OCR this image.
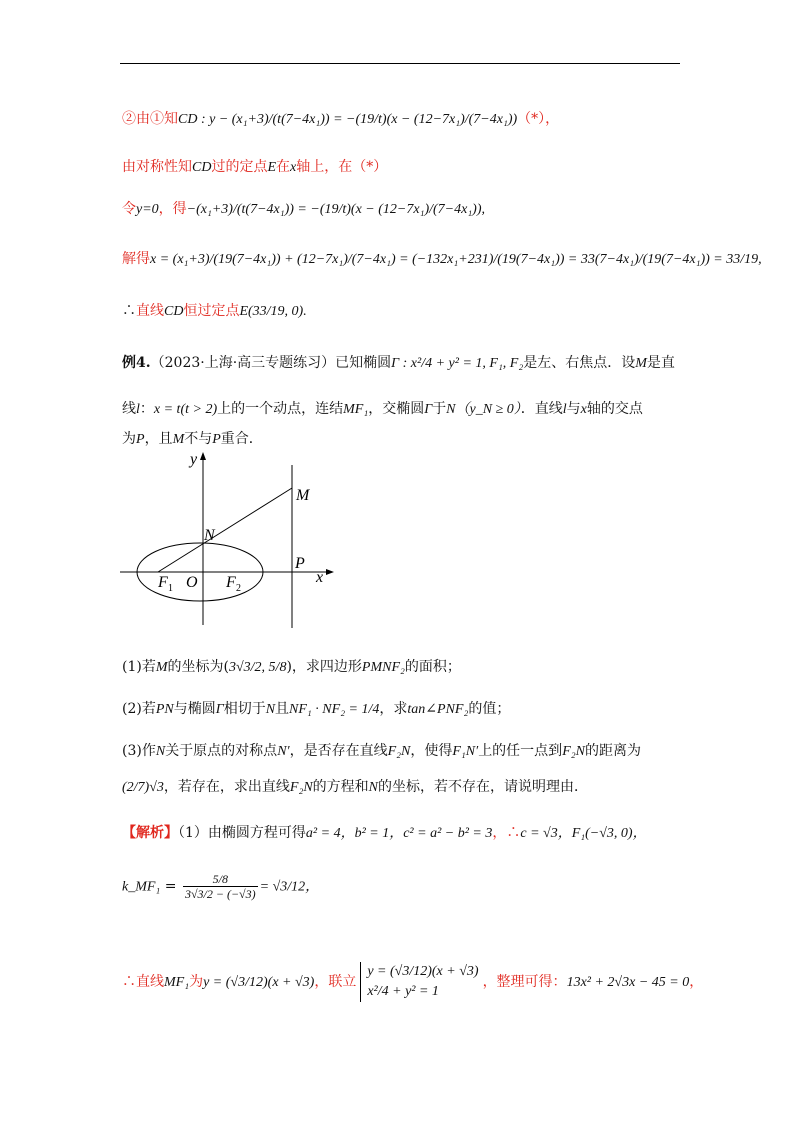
②由①知CD : y − (x₁+3)/(t(7−4x₁)) = −(19/t)(x − (12−7x₁)/(7−4x₁))（*），
由对称性知CD过的定点E在x轴上，在（*）
令y=0，得−(x₁+3)/(t(7−4x₁)) = −(19/t)(x − (12−7x₁)/(7−4x₁)),
解得x = (x₁+3)/(19(7−4x₁)) + (12−7x₁)/(7−4x₁) = (−132x₁+231)/(19(7−4x₁)) = 33(7−4x₁)/(19(7−4x₁)) = 33/19,
∴直线CD恒过定点E(33/19, 0).
例4.（2023·上海·高三专题练习）已知椭圆Γ : x²/4 + y² = 1, F₁, F₂是左、右焦点．设M是直
线l：x = t(t > 2)上的一个动点，连结MF₁，交椭圆Γ于N（y_N ≥ 0）．直线l与x轴的交点
为P，且M不与P重合．
y
x
M
N
P
F 1 O F 2
(1)若M的坐标为(3√3/2, 5/8)，求四边形PMNF₂的面积；
(2)若PN与椭圆Γ相切于N且NF₁ · NF₂ = 1/4，求tan∠PNF₂的值；
(3)作N关于原点的对称点N′，是否存在直线F₂N，使得F₁N′上的任一点到F₂N的距离为
(2/7)√3，若存在，求出直线F₂N的方程和N的坐标，若不存在，请说明理由．
【解析】（1）由椭圆方程可得a² = 4，b² = 1，c² = a² − b² = 3，∴c = √3，F₁(−√3, 0)，
k_MF₁ = $\frac{5/8}{3√3/2 - (-√3)} = √3/12$，
∴直线MF₁为y = (√3/12)(x + √3)，联立
y = (√3/12)(x + √3)
x²/4 + y² = 1
，整理可得：13x² + 2√3x − 45 = 0，
